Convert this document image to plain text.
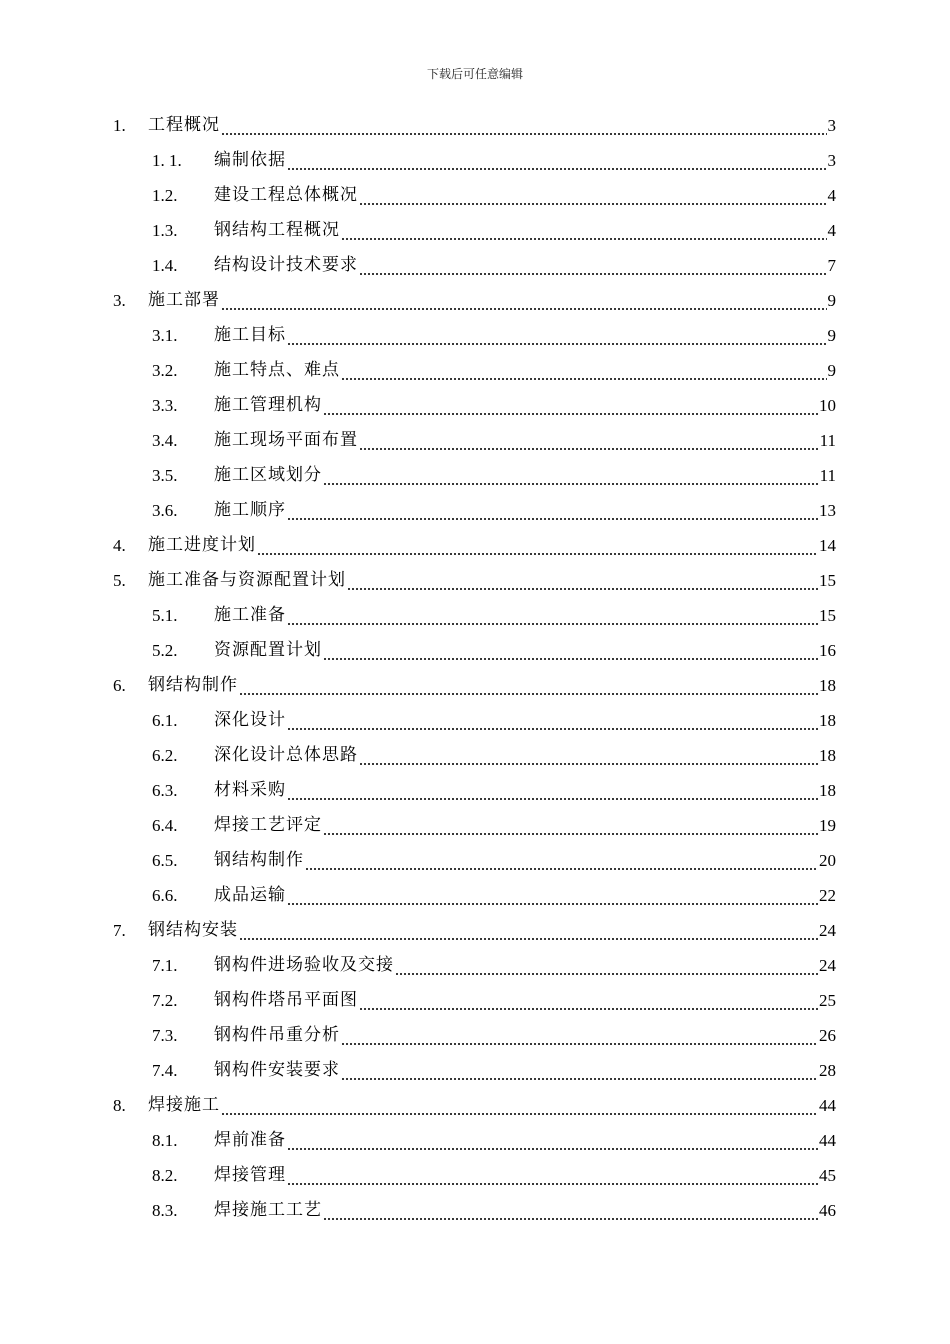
下载后可任意编辑
1.	工程概况	3
1. 1.	编制依据	3
1.2.	建设工程总体概况	4
1.3.	钢结构工程概况	4
1.4.	结构设计技术要求	7
3.	施工部署	9
3.1.	施工目标	9
3.2.	施工特点、难点	9
3.3.	施工管理机构	10
3.4.	施工现场平面布置	11
3.5.	施工区域划分	11
3.6.	施工顺序	13
4.	施工进度计划	14
5.	施工准备与资源配置计划	15
5.1.	施工准备	15
5.2.	资源配置计划	16
6.	钢结构制作	18
6.1.	深化设计	18
6.2.	深化设计总体思路	18
6.3.	材料采购	18
6.4.	焊接工艺评定	19
6.5.	钢结构制作	20
6.6.	成品运输	22
7.	钢结构安装	24
7.1.	钢构件进场验收及交接	24
7.2.	钢构件塔吊平面图	25
7.3.	钢构件吊重分析	26
7.4.	钢构件安装要求	28
8.	焊接施工	44
8.1.	焊前准备	44
8.2.	焊接管理	45
8.3.	焊接施工工艺	46
